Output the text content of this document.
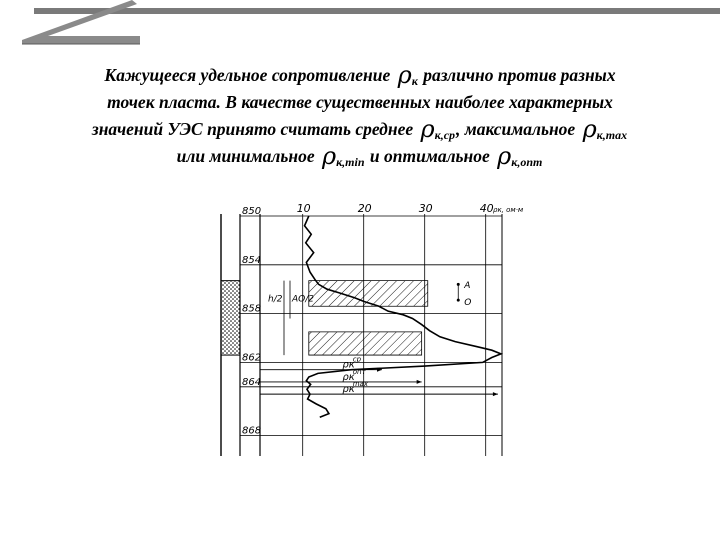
Кажущееся удельное сопротивление $\rho_к$ различно против разных
точек пласта. В качестве существенных наиболее характерных
значений УЭС принято считать среднее $\rho_{к,ср}$, максимальное $\rho_{к,max}$
или минимальное $\rho_{к,min}$ и оптимальное $\rho_{к,опт}$
850
854
858
862
864
868
10	20	30	40 ρк, ом·м
h/2 AO/2
A
O
ρк
ср
ρк
опт
ρк
max
